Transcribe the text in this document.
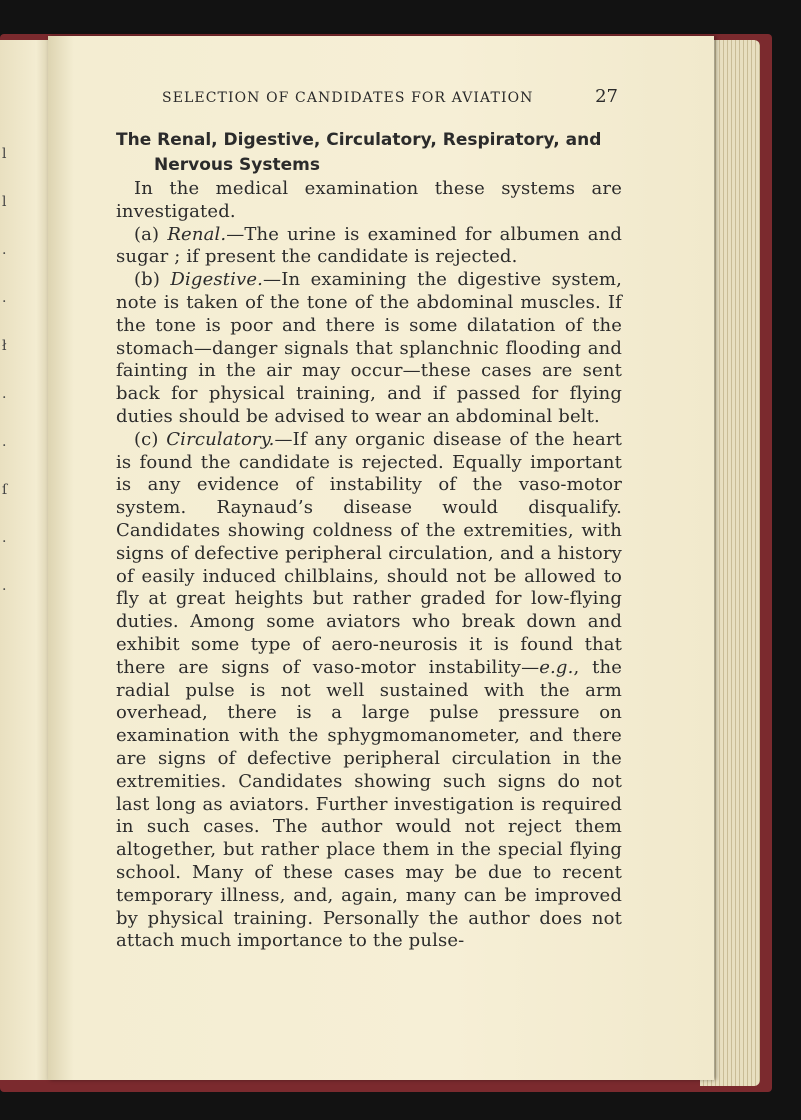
l
l
.
.
ł
.
.
ſ
.
.
SELECTION OF CANDIDATES FOR AVIATION	27
The Renal, Digestive, Circulatory, Respiratory, and
Nervous Systems

In the medical examination these systems are investigated.

(a) Renal.—The urine is examined for albumen and sugar ; if present the candidate is rejected.

(b) Digestive.—In examining the digestive system, note is taken of the tone of the abdominal muscles. If the tone is poor and there is some dilatation of the stomach—danger signals that splanchnic flooding and fainting in the air may occur—these cases are sent back for physical training, and if passed for flying duties should be advised to wear an abdominal belt.

(c) Circulatory.—If any organic disease of the heart is found the candidate is rejected. Equally important is any evidence of instability of the vaso-motor system. Raynaud’s disease would disqualify. Candidates showing coldness of the extremities, with signs of defective peripheral circulation, and a history of easily induced chilblains, should not be allowed to fly at great heights but rather graded for low-flying duties. Among some aviators who break down and exhibit some type of aero-neurosis it is found that there are signs of vaso-motor instability—e.g., the radial pulse is not well sustained with the arm overhead, there is a large pulse pressure on examination with the sphygmomanometer, and there are signs of defective peripheral circulation in the extremities. Candidates showing such signs do not last long as aviators. Further investigation is required in such cases. The author would not reject them altogether, but rather place them in the special flying school. Many of these cases may be due to recent temporary illness, and, again, many can be improved by physical training. Personally the author does not attach much importance to the pulse-
